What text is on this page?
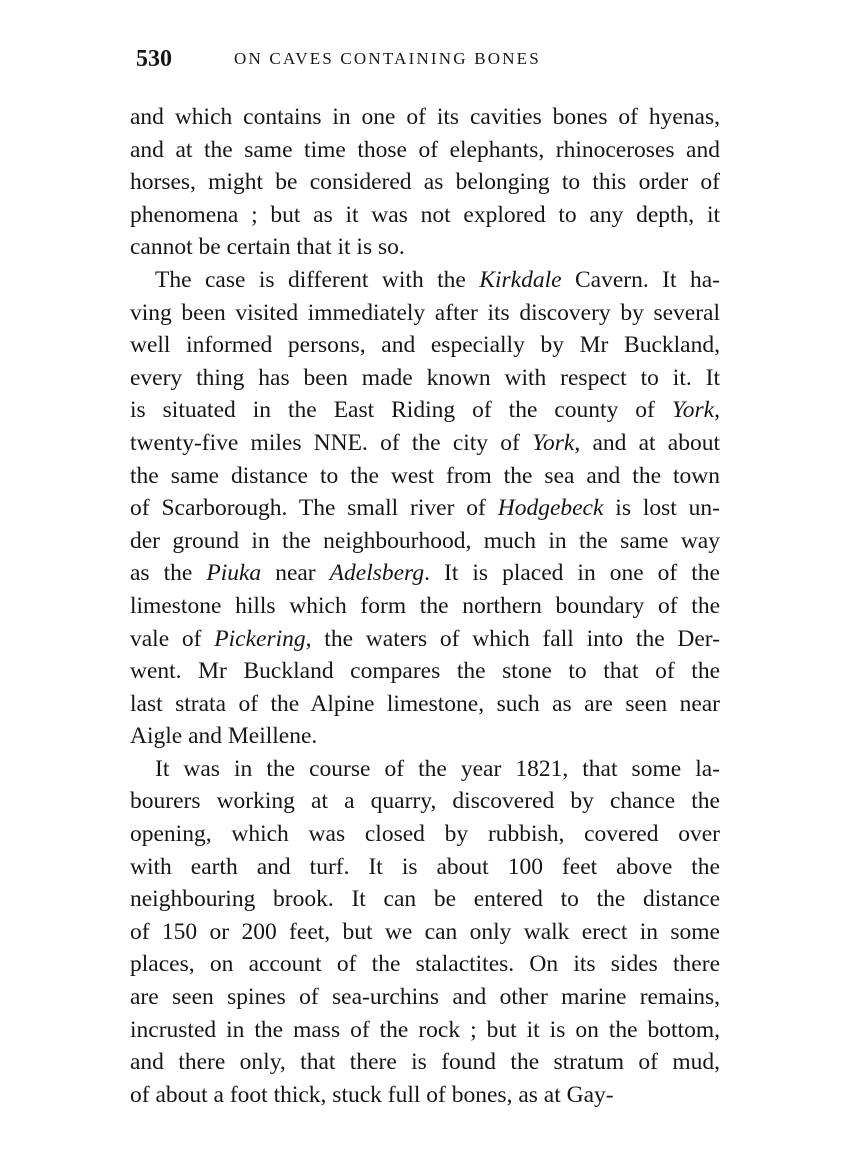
530	ON CAVES CONTAINING BONES
and which contains in one of its cavities bones of hyenas,
and at the same time those of elephants, rhinoceroses and
horses, might be considered as belonging to this order of
phenomena ; but as it was not explored to any depth, it
cannot be certain that it is so.
The case is different with the Kirkdale Cavern. It ha-
ving been visited immediately after its discovery by several
well informed persons, and especially by Mr Buckland,
every thing has been made known with respect to it. It
is situated in the East Riding of the county of York,
twenty-five miles NNE. of the city of York, and at about
the same distance to the west from the sea and the town
of Scarborough. The small river of Hodgebeck is lost un-
der ground in the neighbourhood, much in the same way
as the Piuka near Adelsberg. It is placed in one of the
limestone hills which form the northern boundary of the
vale of Pickering, the waters of which fall into the Der-
went. Mr Buckland compares the stone to that of the
last strata of the Alpine limestone, such as are seen near
Aigle and Meillene.
It was in the course of the year 1821, that some la-
bourers working at a quarry, discovered by chance the
opening, which was closed by rubbish, covered over
with earth and turf. It is about 100 feet above the
neighbouring brook. It can be entered to the distance
of 150 or 200 feet, but we can only walk erect in some
places, on account of the stalactites. On its sides there
are seen spines of sea-urchins and other marine remains,
incrusted in the mass of the rock ; but it is on the bottom,
and there only, that there is found the stratum of mud,
of about a foot thick, stuck full of bones, as at Gay-
